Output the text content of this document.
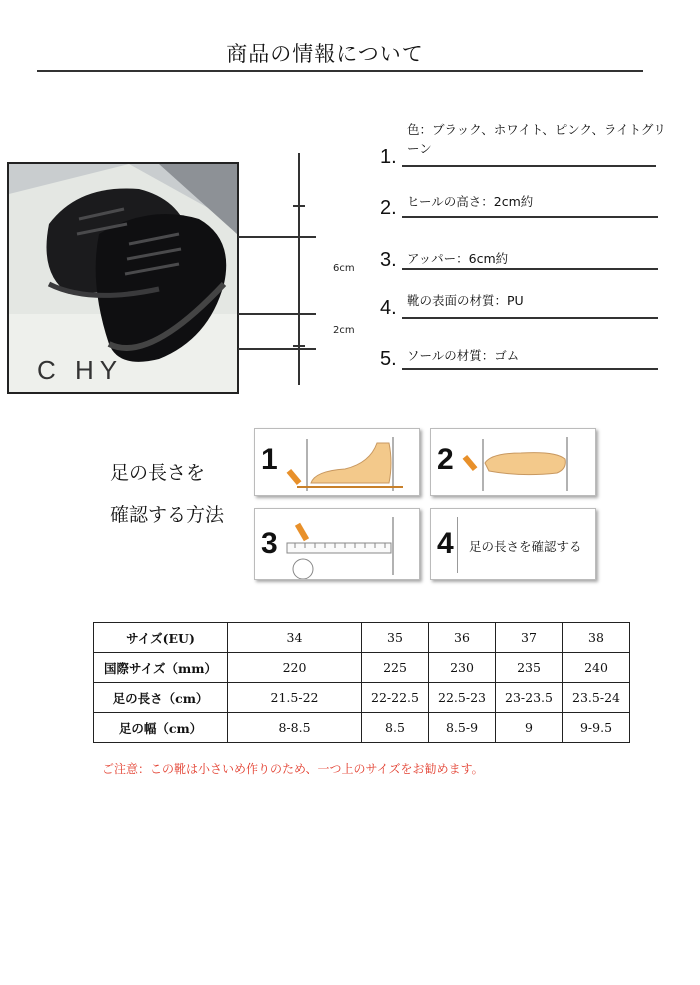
商品の情報について
C HY
6cm
2cm
色：ブラック、ホワイト、ピンク、ライトグリーン
1.
2. ヒールの高さ：2cm約
3. アッパー：6cm約
4. 靴の表面の材質：PU
5. ソールの材質：ゴム
足の長さを
確認する方法
1	2
3	4 足の長さを確認する
サイズ(EU)	34	35	36	37	38
国際サイズ（mm）	220	225	230	235	240
足の長さ（cm）	21.5-22	22-22.5	22.5-23	23-23.5	23.5-24
足の幅（cm）	8-8.5	8.5	8.5-9	9	9-9.5
ご注意：この靴は小さいめ作りのため、一つ上のサイズをお勧めます。
